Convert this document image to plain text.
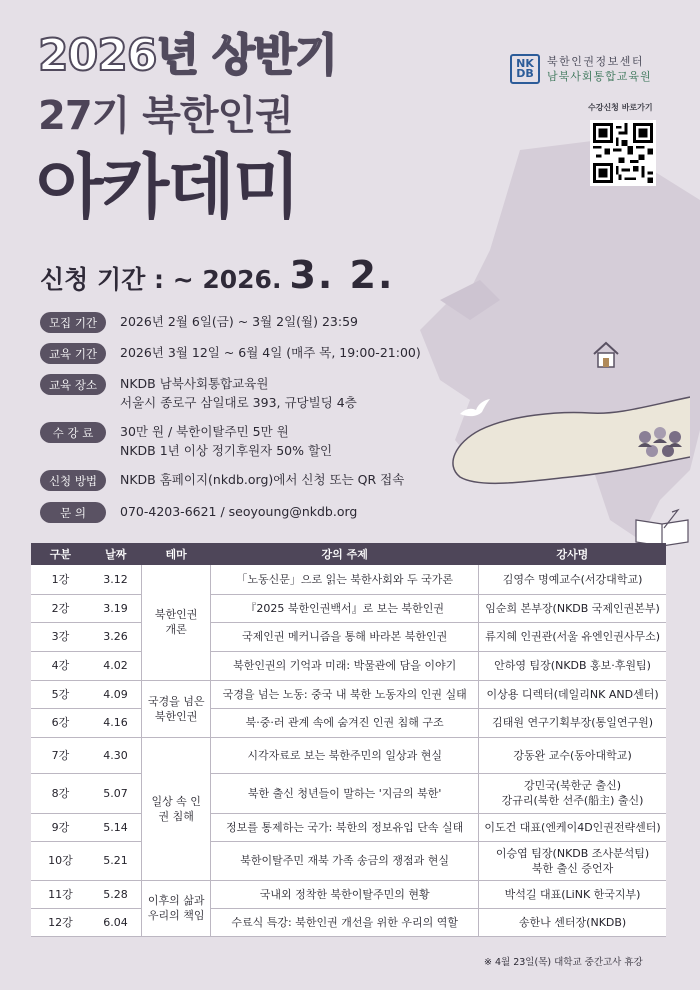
2026년 상반기
27기 북한인권
아카데미
신청 기간 : ~ 2026. 3. 2.
NK
DB
북한인권정보센터
남북사회통합교육원
수강신청 바로가기
모집 기간	2026년 2월 6일(금) ~ 3월 2일(월) 23:59
교육 기간	2026년 3월 12일 ~ 6월 4일 (매주 목, 19:00-21:00)
교육 장소	NKDB 남북사회통합교육원
서울시 종로구 삼일대로 393, 규당빌딩 4층
수 강 료	30만 원 / 북한이탈주민 5만 원
NKDB 1년 이상 정기후원자 50% 할인
신청 방법	NKDB 홈페이지(nkdb.org)에서 신청 또는 QR 접속
문 의	070-4203-6621 / seoyoung@nkdb.org
구분	날짜	테마	강의 주제	강사명
1강	3.12	북한인권 개론	「노동신문」으로 읽는 북한사회와 두 국가론	김영수 명예교수(서강대학교)
2강	3.19		『2025 북한인권백서』로 보는 북한인권	임순희 본부장(NKDB 국제인권본부)
3강	3.26		국제인권 메커니즘을 통해 바라본 북한인권	류지혜 인권관(서울 유엔인권사무소)
4강	4.02		북한인권의 기억과 미래: 박물관에 담을 이야기	안하영 팀장(NKDB 홍보·후원팀)
5강	4.09	국경을 넘은 북한인권	국경을 넘는 노동: 중국 내 북한 노동자의 인권 실태	이상용 디렉터(데일리NK AND센터)
6강	4.16		북·중·러 관계 속에 숨겨진 인권 침해 구조	김태원 연구기획부장(통일연구원)
7강	4.30	일상 속 인권 침해	시각자료로 보는 북한주민의 일상과 현실	강동완 교수(동아대학교)
8강	5.07		북한 출신 청년들이 말하는 '지금의 북한'	강민국(북한군 출신)
강규리(북한 선주(船主) 출신)

9강	5.14		정보를 통제하는 국가: 북한의 정보유입 단속 실태	이도건 대표(엔케이4D인권전략센터)
10강	5.21		북한이탈주민 재북 가족 송금의 쟁점과 현실	이승엽 팀장(NKDB 조사분석팀)
북한 출신 증언자

11강	5.28	이후의 삶과 우리의 책임	국내외 정착한 북한이탈주민의 현황	박석길 대표(LiNK 한국지부)
12강	6.04		수료식 특강: 북한인권 개선을 위한 우리의 역할	송한나 센터장(NKDB)
※ 4월 23일(목) 대학교 중간고사 휴강
